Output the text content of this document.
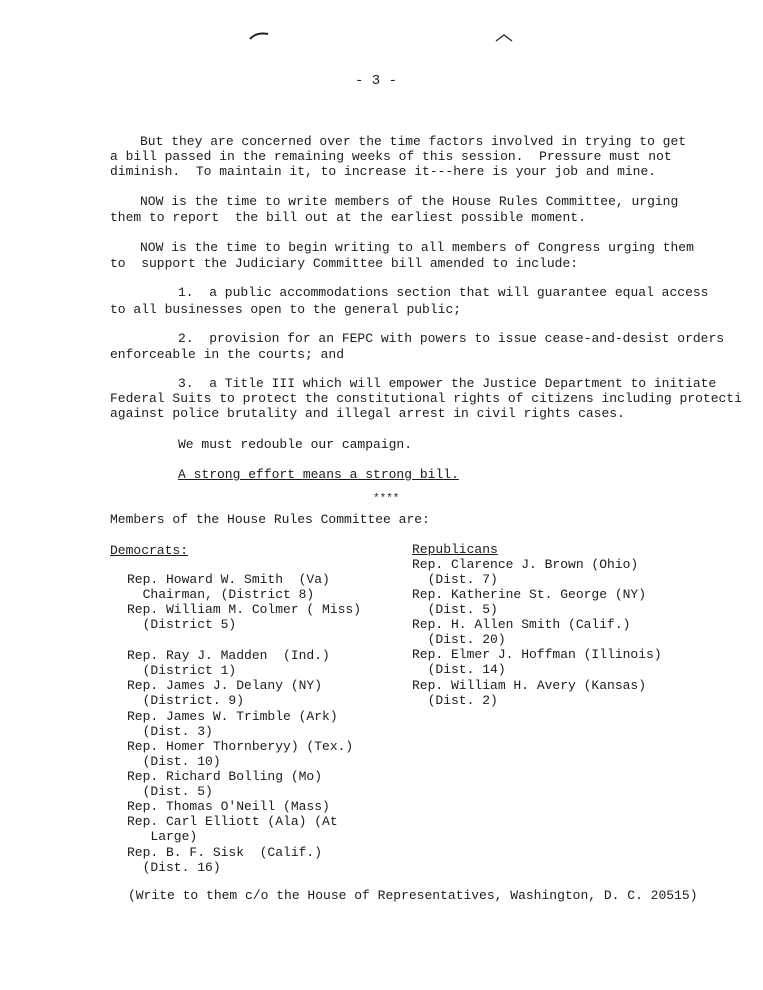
- 3 -
But they are concerned over the time factors involved in trying to get
a bill passed in the remaining weeks of this session.  Pressure must not
diminish.  To maintain it, to increase it---here is your job and mine.
NOW is the time to write members of the House Rules Committee, urging
them to report  the bill out at the earliest possible moment.
NOW is the time to begin writing to all members of Congress urging them
to  support the Judiciary Committee bill amended to include:
1.  a public accommodations section that will guarantee equal access
to all businesses open to the general public;
2.  provision for an FEPC with powers to issue cease-and-desist orders
enforceable in the courts; and
3.  a Title III which will empower the Justice Department to initiate
Federal Suits to protect the constitutional rights of citizens including protecti
against police brutality and illegal arrest in civil rights cases.
We must redouble our campaign.
A strong effort means a strong bill.
****
Members of the House Rules Committee are:
Democrats:	Republicans
Rep. Howard W. Smith  (Va)
Chairman, (District 8)
Rep. William M. Colmer ( Miss)
(District 5)
Rep. Ray J. Madden  (Ind.)
(District 1)
Rep. James J. Delany (NY)
(District. 9)
Rep. James W. Trimble (Ark)
(Dist. 3)
Rep. Homer Thornberyy) (Tex.)
(Dist. 10)
Rep. Richard Bolling (Mo)
(Dist. 5)
Rep. Thomas O'Neill (Mass)
Rep. Carl Elliott (Ala) (At
Large)
Rep. B. F. Sisk  (Calif.)
(Dist. 16)
Rep. Clarence J. Brown (Ohio)
(Dist. 7)
Rep. Katherine St. George (NY)
(Dist. 5)
Rep. H. Allen Smith (Calif.)
(Dist. 20)
Rep. Elmer J. Hoffman (Illinois)
(Dist. 14)
Rep. William H. Avery (Kansas)
(Dist. 2)
(Write to them c/o the House of Representatives, Washington, D. C. 20515)
